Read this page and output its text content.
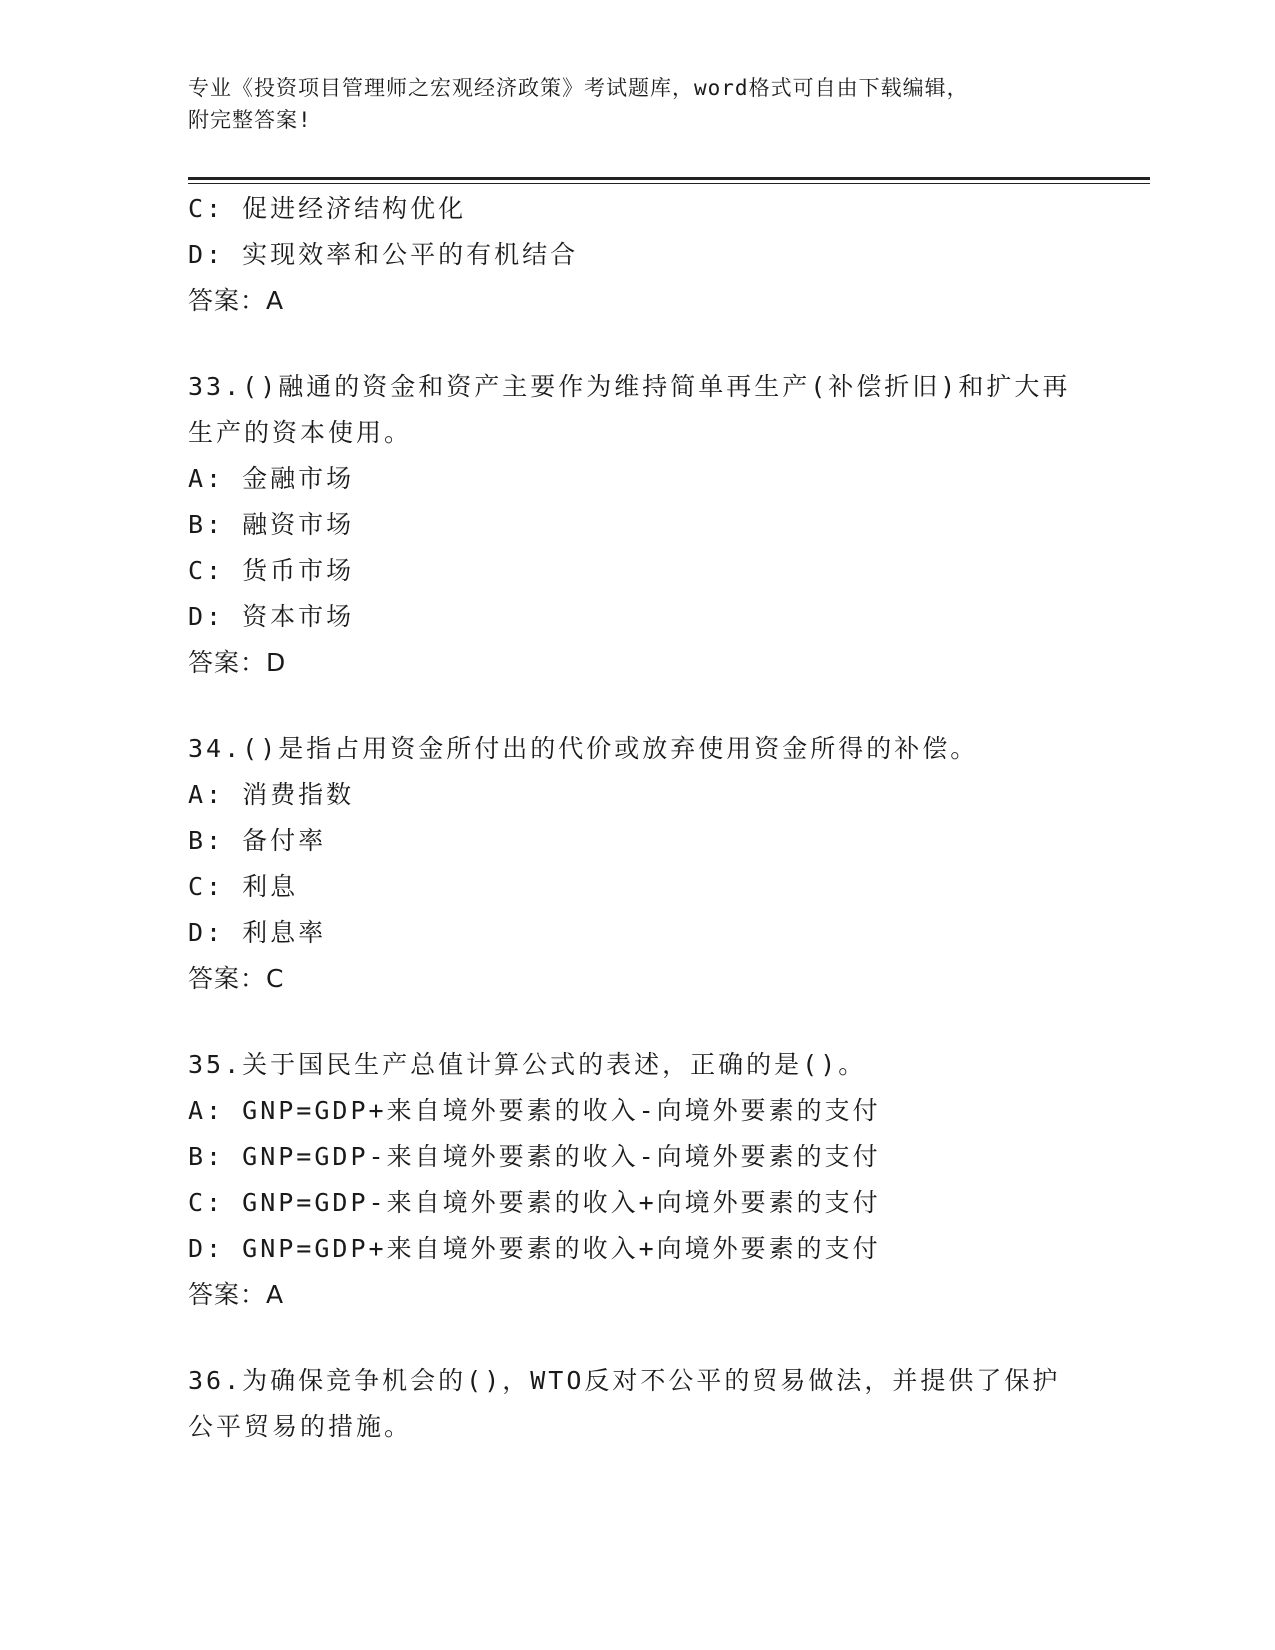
专业《投资项目管理师之宏观经济政策》考试题库，word格式可自由下载编辑，
附完整答案!
C: 促进经济结构优化
D: 实现效率和公平的有机结合
答案：A
33.()融通的资金和资产主要作为维持简单再生产(补偿折旧)和扩大再
生产的资本使用。
A: 金融市场
B: 融资市场
C: 货币市场
D: 资本市场
答案：D
34.()是指占用资金所付出的代价或放弃使用资金所得的补偿。
A: 消费指数
B: 备付率
C: 利息
D: 利息率
答案：C
35.关于国民生产总值计算公式的表述，正确的是()。
A: GNP=GDP+来自境外要素的收入-向境外要素的支付
B: GNP=GDP-来自境外要素的收入-向境外要素的支付
C: GNP=GDP-来自境外要素的收入+向境外要素的支付
D: GNP=GDP+来自境外要素的收入+向境外要素的支付
答案：A
36.为确保竞争机会的()，WTO反对不公平的贸易做法，并提供了保护
公平贸易的措施。
